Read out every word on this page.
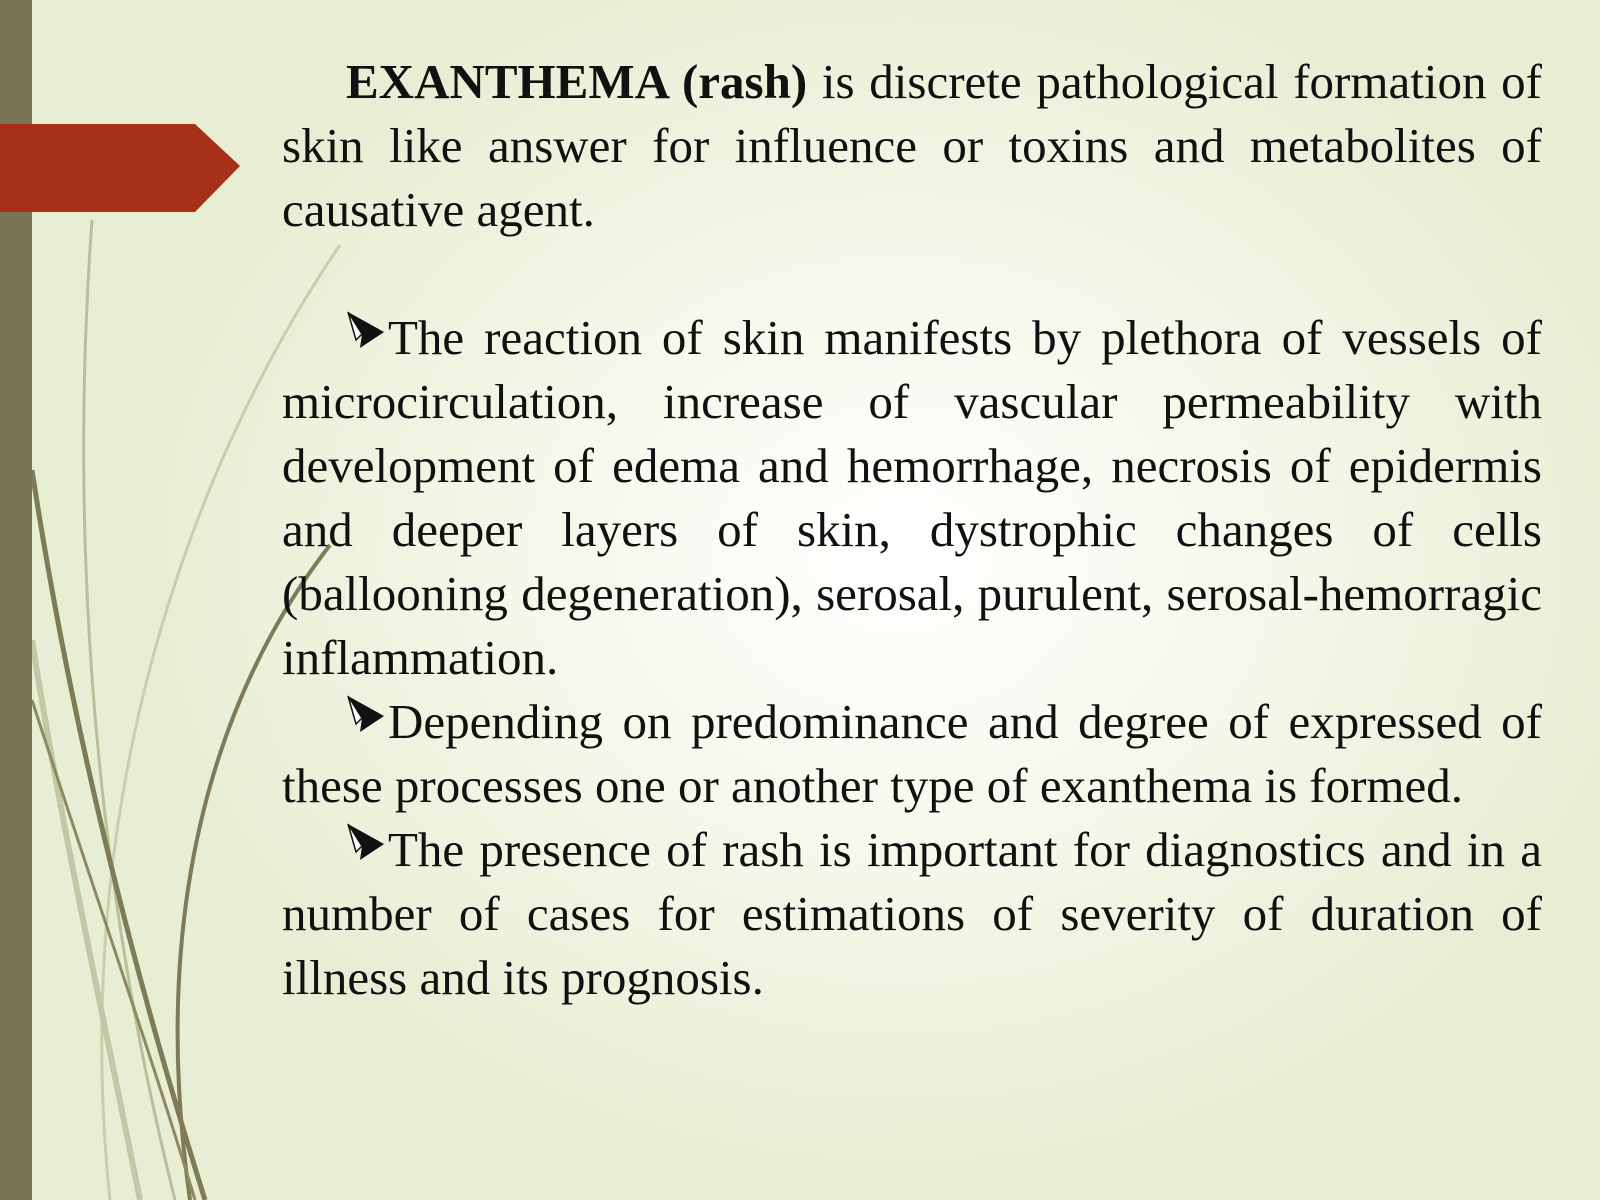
EXANTHEMA (rash) is discrete pathological formation of skin like answer for influence or toxins and metabolites of causative agent.

The reaction of skin manifests by plethora of vessels of microcirculation, increase of vascular permeability with development of edema and hemorrhage, necrosis of epidermis and deeper layers of skin, dystrophic changes of cells (ballooning degeneration), serosal, purulent, serosal-hemorragic inflammation.

Depending on predominance and degree of expressed of these processes one or another type of exanthema is formed.

The presence of rash is important for diagnostics and in a number of cases for estimations of severity of duration of illness and its prognosis.
